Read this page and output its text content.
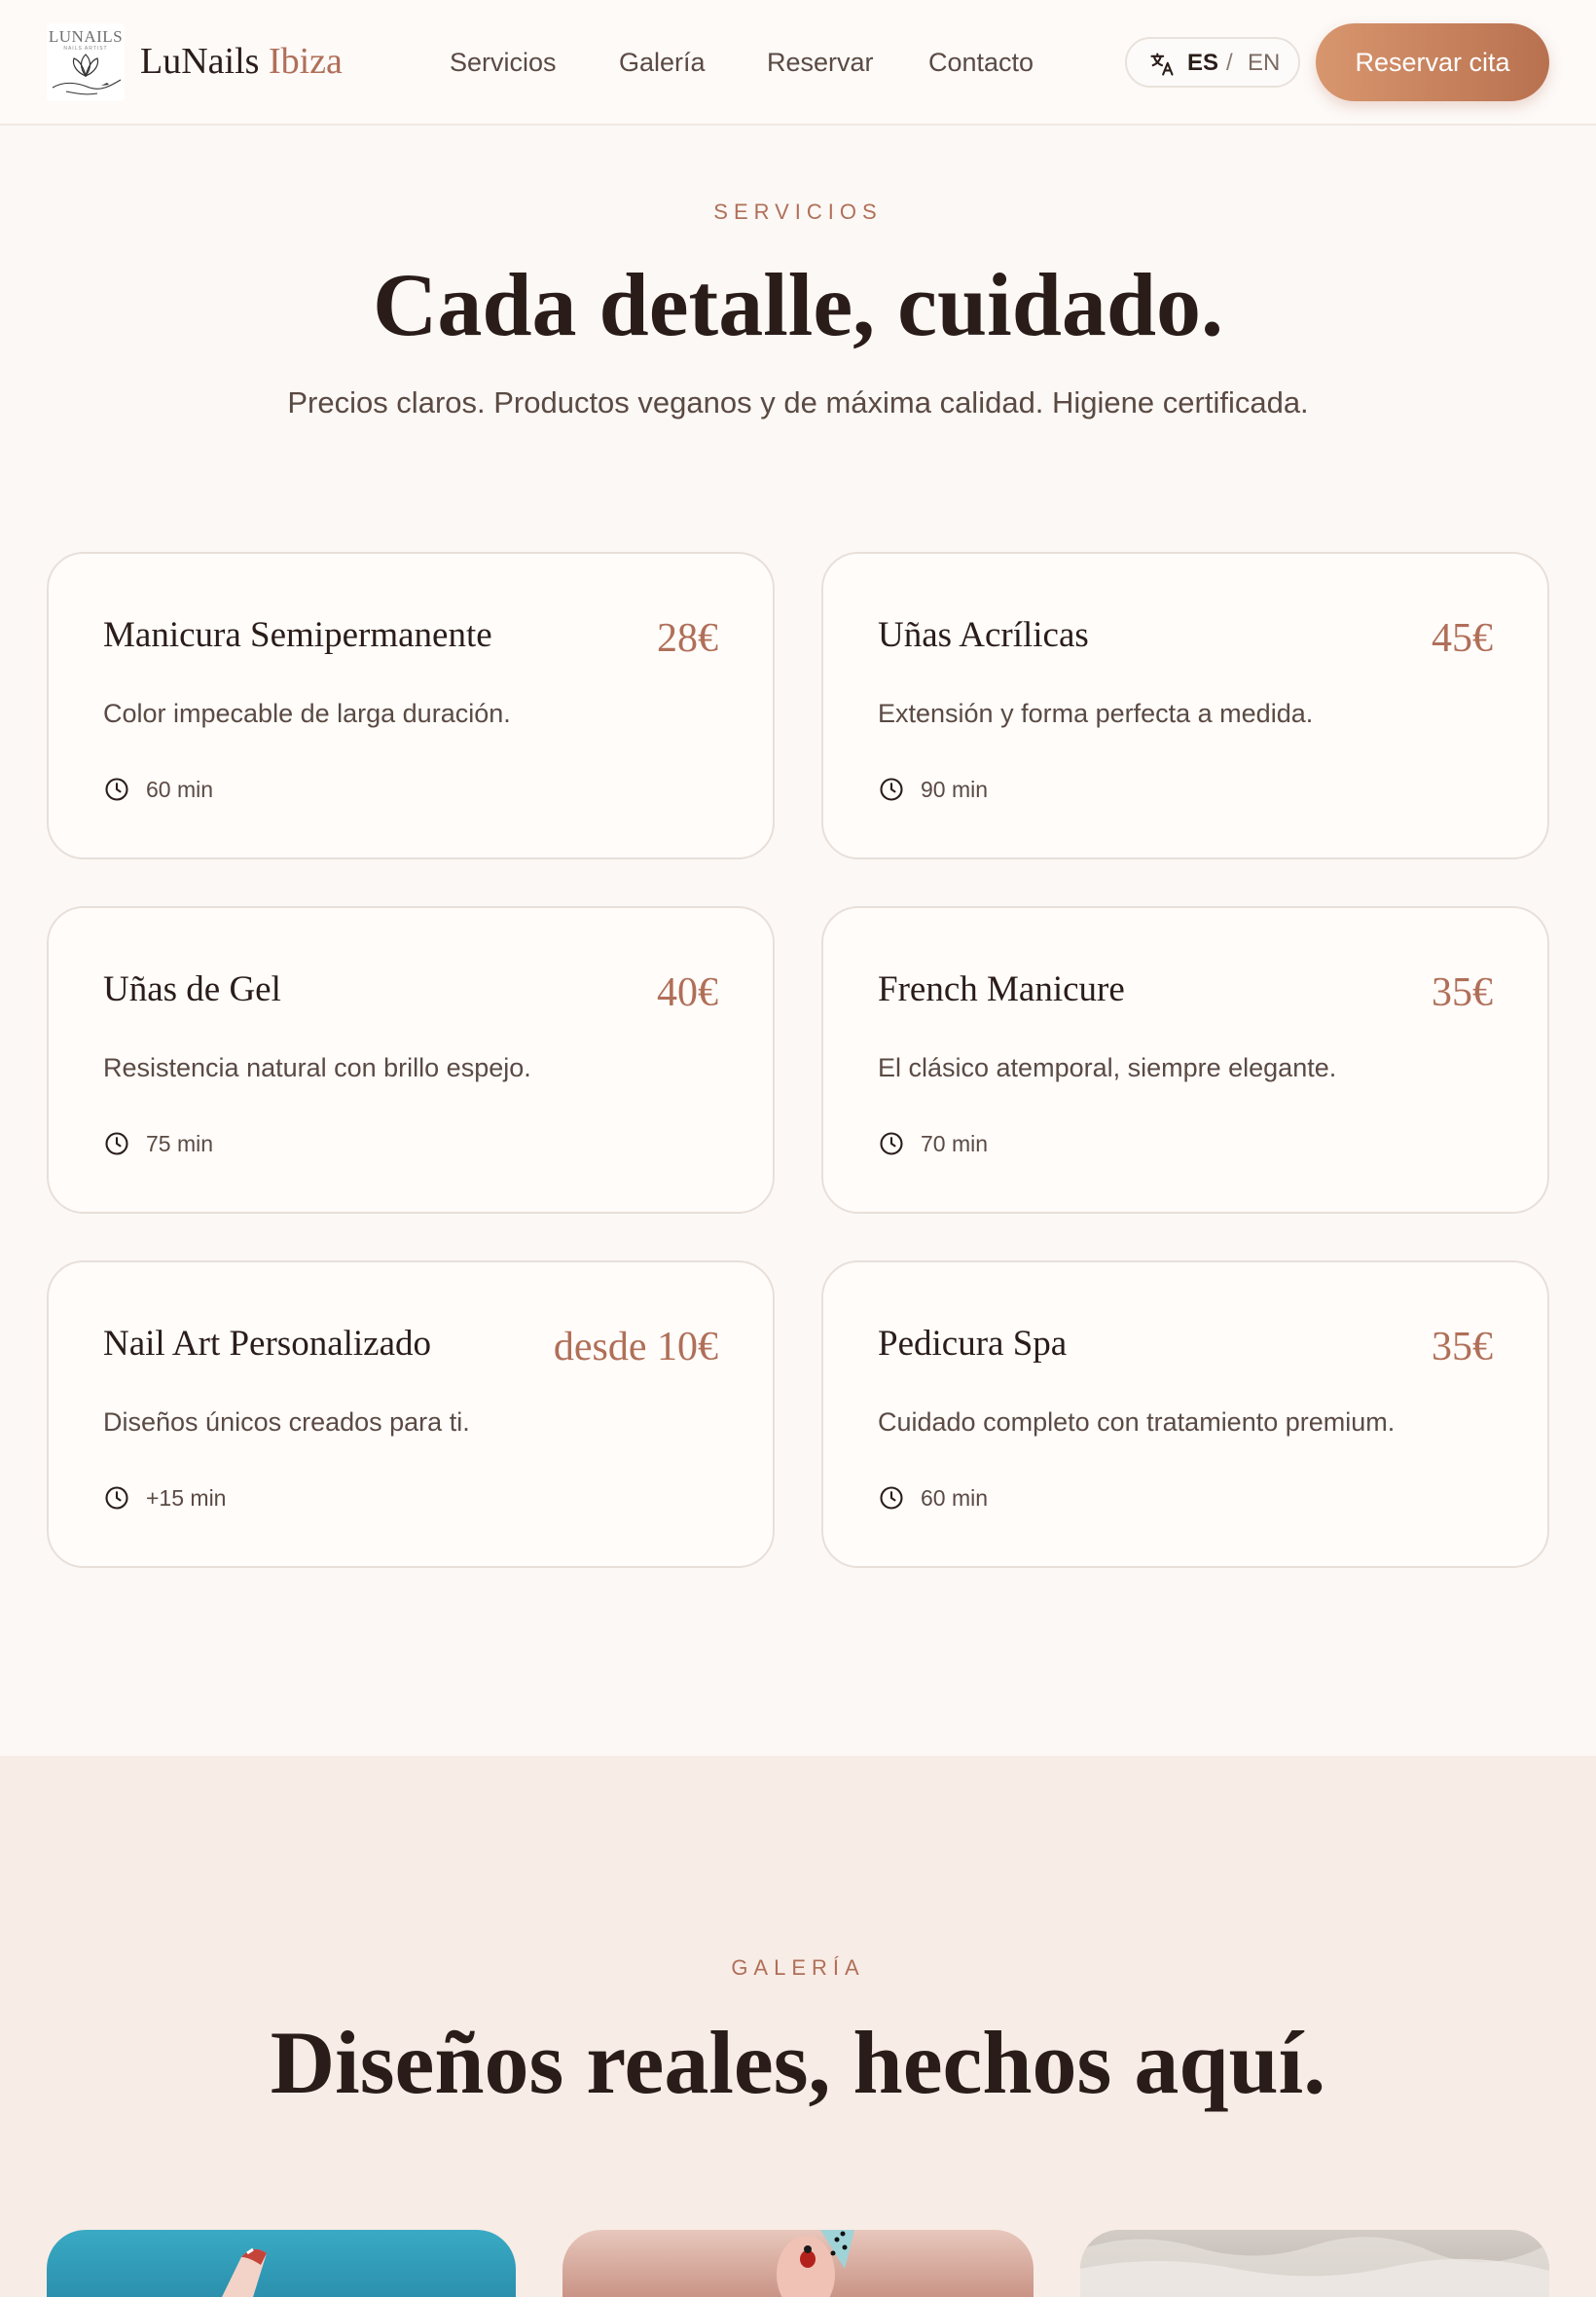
LUNAILS
NAILS ARTIST LuNails Ibiza	Servicios Galería Reservar Contacto	ES / EN	Reservar cita
SERVICIOS
Cada detalle, cuidado.

Precios claros. Productos veganos y de máxima calidad. Higiene certificada.

Manicura Semipermanente	28€
Color impecable de larga duración.
60 min
Uñas Acrílicas	45€
Extensión y forma perfecta a medida.
90 min
Uñas de Gel	40€
Resistencia natural con brillo espejo.
75 min
French Manicure	35€
El clásico atemporal, siempre elegante.
70 min
Nail Art Personalizado	desde 10€
Diseños únicos creados para ti.
+15 min
Pedicura Spa	35€
Cuidado completo con tratamiento premium.
60 min
GALERÍA
Diseños reales, hechos aquí.
